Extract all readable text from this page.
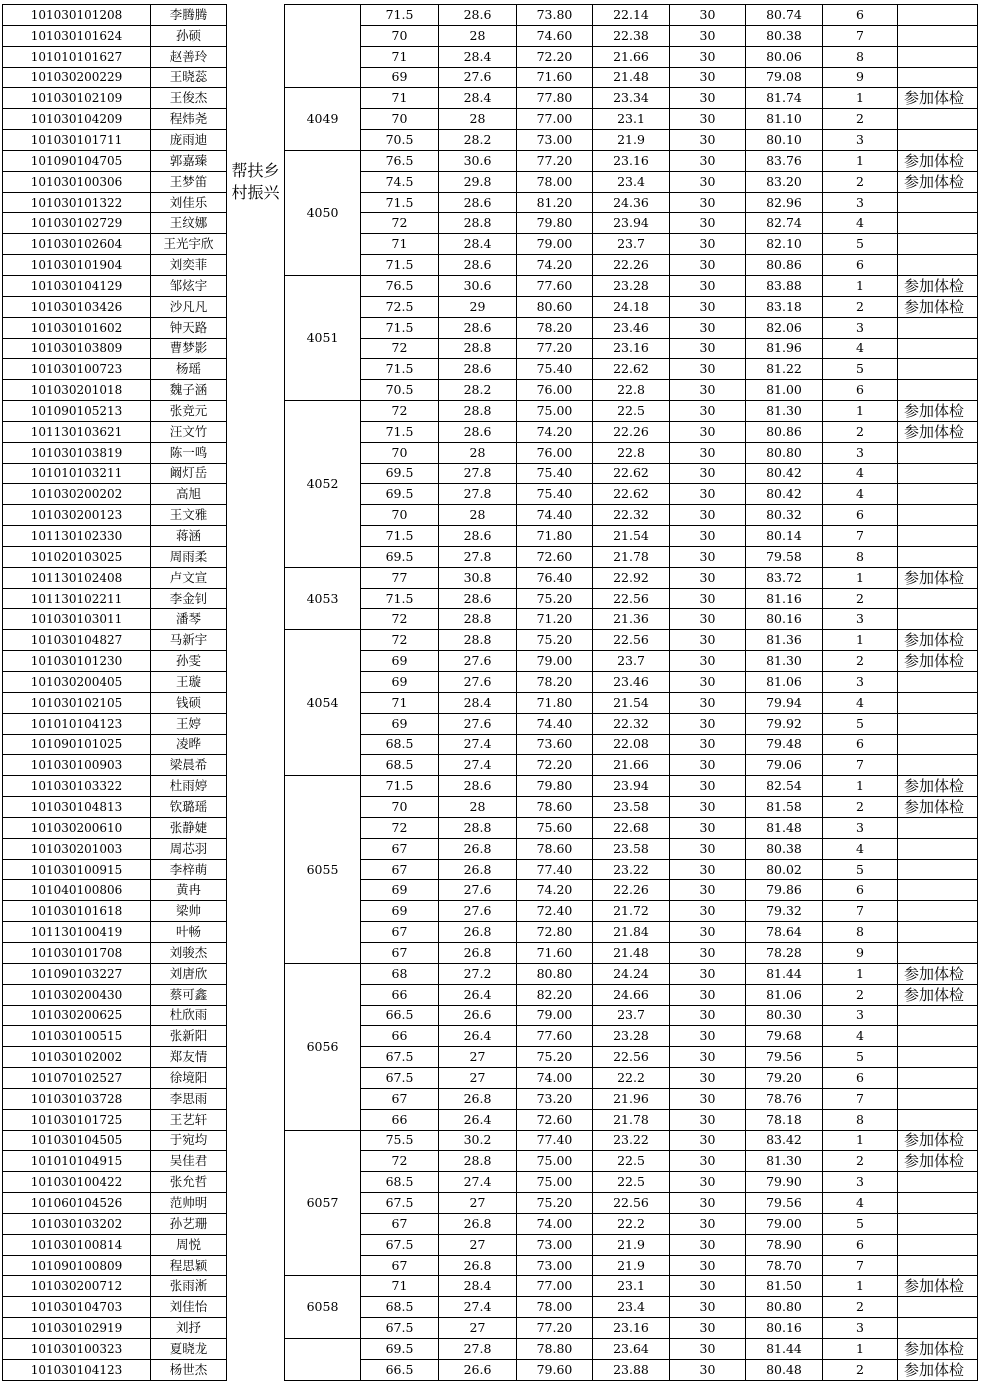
101030101208	李腾腾			71.5	28.6	73.80	22.14	30	80.74	6	
101030101624	孙硕			70	28	74.60	22.38	30	80.38	7	
101010101627	赵善玲			71	28.4	72.20	21.66	30	80.06	8	
101030200229	王晓蕊			69	27.6	71.60	21.48	30	79.08	9	
101030102109	王俊杰		4049	71	28.4	77.80	23.34	30	81.74	1	参加体检
101030104209	程炜尧			70	28	77.00	23.1	30	81.10	2	
101030101711	庞雨迪			70.5	28.2	73.00	21.9	30	80.10	3	
101090104705	郭嘉臻	帮扶乡村振兴	4050	76.5	30.6	77.20	23.16	30	83.76	1	参加体检
101030100306	王梦笛			74.5	29.8	78.00	23.4	30	83.20	2	参加体检
101030101322	刘佳乐			71.5	28.6	81.20	24.36	30	82.96	3	
101030102729	王纹娜			72	28.8	79.80	23.94	30	82.74	4	
101030102604	王光宇欣			71	28.4	79.00	23.7	30	82.10	5	
101030101904	刘奕菲			71.5	28.6	74.20	22.26	30	80.86	6	
101030104129	邹炫宇		4051	76.5	30.6	77.60	23.28	30	83.88	1	参加体检
101030103426	沙凡凡			72.5	29	80.60	24.18	30	83.18	2	参加体检
101030101602	钟天路			71.5	28.6	78.20	23.46	30	82.06	3	
101030103809	曹梦影			72	28.8	77.20	23.16	30	81.96	4	
101030100723	杨瑶			71.5	28.6	75.40	22.62	30	81.22	5	
101030201018	魏子涵			70.5	28.2	76.00	22.8	30	81.00	6	
101090105213	张竞元		4052	72	28.8	75.00	22.5	30	81.30	1	参加体检
101130103621	汪文竹			71.5	28.6	74.20	22.26	30	80.86	2	参加体检
101030103819	陈一鸣			70	28	76.00	22.8	30	80.80	3	
101010103211	阚灯岳			69.5	27.8	75.40	22.62	30	80.42	4	
101030200202	高旭			69.5	27.8	75.40	22.62	30	80.42	4	
101030200123	王文雅			70	28	74.40	22.32	30	80.32	6	
101130102330	蒋涵			71.5	28.6	71.80	21.54	30	80.14	7	
101020103025	周雨柔			69.5	27.8	72.60	21.78	30	79.58	8	
101130102408	卢文宣		4053	77	30.8	76.40	22.92	30	83.72	1	参加体检
101130102211	李金钊			71.5	28.6	75.20	22.56	30	81.16	2	
101030103011	潘琴			72	28.8	71.20	21.36	30	80.16	3	
101030104827	马新宇		4054	72	28.8	75.20	22.56	30	81.36	1	参加体检
101030101230	孙雯			69	27.6	79.00	23.7	30	81.30	2	参加体检
101030200405	王璇			69	27.6	78.20	23.46	30	81.06	3	
101030102105	钱硕			71	28.4	71.80	21.54	30	79.94	4	
101010104123	王婷			69	27.6	74.40	22.32	30	79.92	5	
101090101025	凌晔			68.5	27.4	73.60	22.08	30	79.48	6	
101030100903	梁晨希			68.5	27.4	72.20	21.66	30	79.06	7	
101030103322	杜雨婷		6055	71.5	28.6	79.80	23.94	30	82.54	1	参加体检
101030104813	钦璐瑶			70	28	78.60	23.58	30	81.58	2	参加体检
101030200610	张静婕			72	28.8	75.60	22.68	30	81.48	3	
101030201003	周芯羽			67	26.8	78.60	23.58	30	80.38	4	
101030100915	李梓萌			67	26.8	77.40	23.22	30	80.02	5	
101040100806	黄冉			69	27.6	74.20	22.26	30	79.86	6	
101030101618	梁帅			69	27.6	72.40	21.72	30	79.32	7	
101130100419	叶畅			67	26.8	72.80	21.84	30	78.64	8	
101030101708	刘骏杰			67	26.8	71.60	21.48	30	78.28	9	
101090103227	刘唐欣		6056	68	27.2	80.80	24.24	30	81.44	1	参加体检
101030200430	蔡可鑫			66	26.4	82.20	24.66	30	81.06	2	参加体检
101030200625	杜欣雨			66.5	26.6	79.00	23.7	30	80.30	3	
101030100515	张新阳			66	26.4	77.60	23.28	30	79.68	4	
101030102002	郑友情			67.5	27	75.20	22.56	30	79.56	5	
101070102527	徐境阳			67.5	27	74.00	22.2	30	79.20	6	
101030103728	李思雨			67	26.8	73.20	21.96	30	78.76	7	
101030101725	王艺轩			66	26.4	72.60	21.78	30	78.18	8	
101030104505	于宛均		6057	75.5	30.2	77.40	23.22	30	83.42	1	参加体检
101010104915	吴佳君			72	28.8	75.00	22.5	30	81.30	2	参加体检
101030100422	张允哲			68.5	27.4	75.00	22.5	30	79.90	3	
101060104526	范帅明			67.5	27	75.20	22.56	30	79.56	4	
101030103202	孙艺珊			67	26.8	74.00	22.2	30	79.00	5	
101030100814	周悦			67.5	27	73.00	21.9	30	78.90	6	
101090100809	程思颖			67	26.8	73.00	21.9	30	78.70	7	
101030200712	张雨淅		6058	71	28.4	77.00	23.1	30	81.50	1	参加体检
101030104703	刘佳怡			68.5	27.4	78.00	23.4	30	80.80	2	
101030102919	刘抒			67.5	27	77.20	23.16	30	80.16	3	
101030100323	夏晓龙			69.5	27.8	78.80	23.64	30	81.44	1	参加体检
101030104123	杨世杰			66.5	26.6	79.60	23.88	30	80.48	2	参加体检
